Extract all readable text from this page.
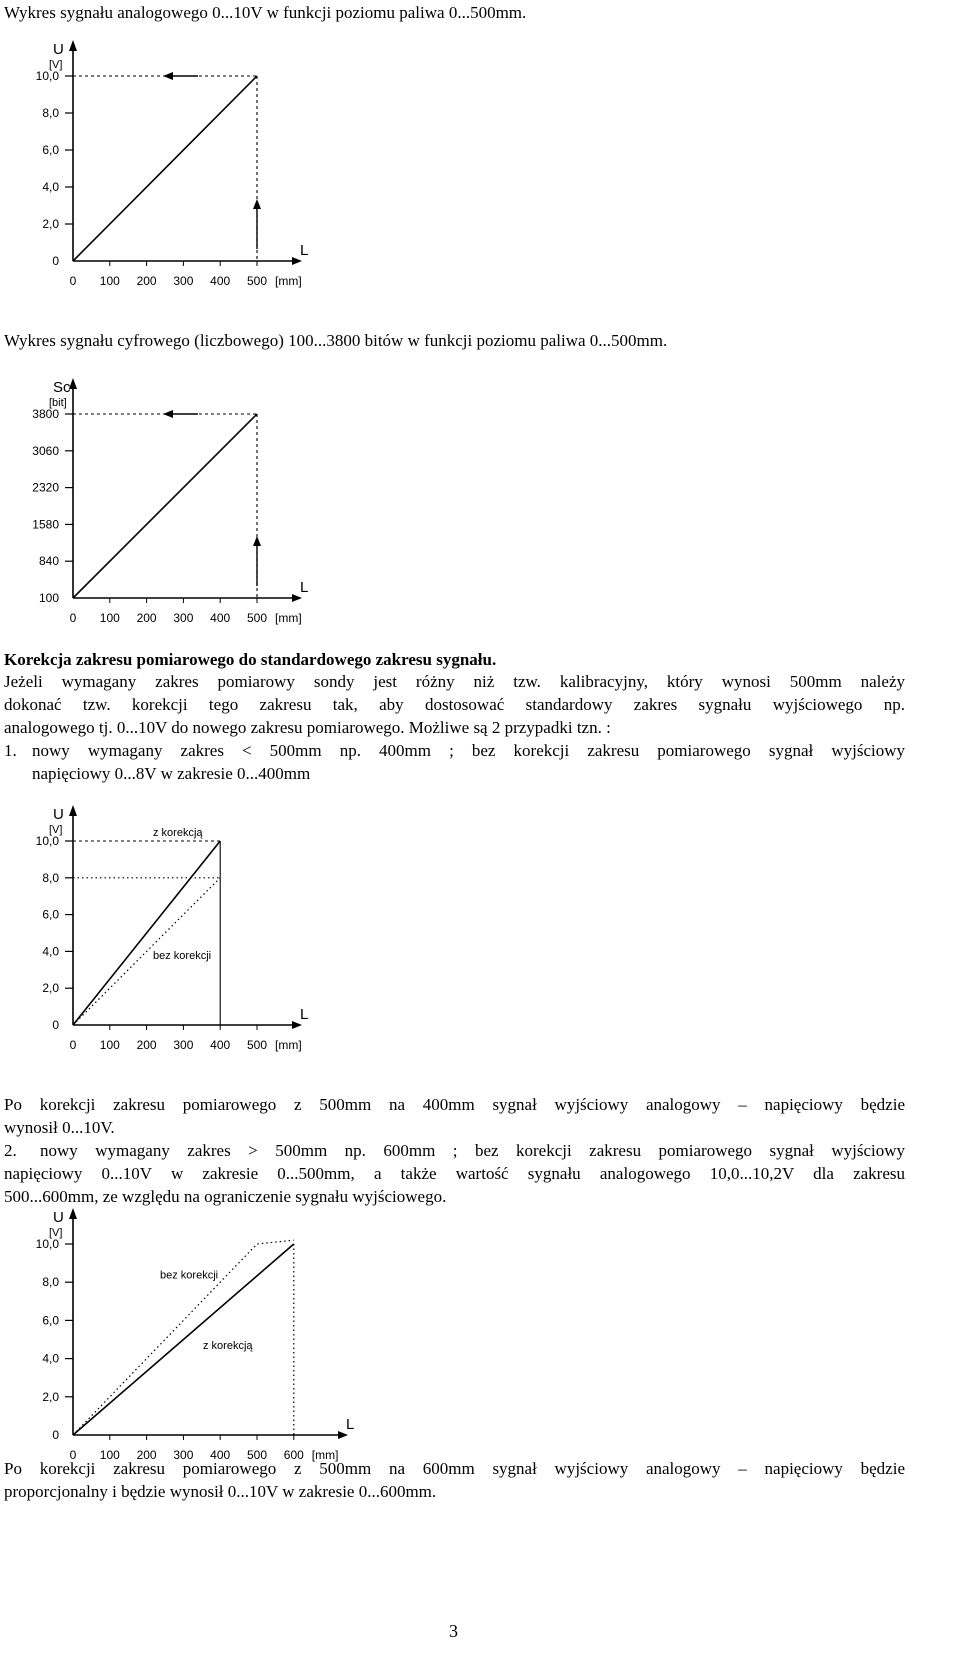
Wykres sygnału analogowego 0...10V w funkcji poziomu paliwa 0...500mm.
U
[V]
L
0
2,0
4,0
6,0
8,0
10,0
0 100 200 300 400 500 [mm]
Wykres sygnału cyfrowego (liczbowego) 100...3800 bitów w funkcji poziomu paliwa 0...500mm.
Sc
[bit]
L
100
840
1580
2320
3060
3800
0 100 200 300 400 500 [mm]
Korekcja zakresu pomiarowego do standardowego zakresu sygnału.
Jeżeli wymagany zakres pomiarowy sondy jest różny niż tzw. kalibracyjny, który wynosi 500mm należy
dokonać tzw. korekcji tego zakresu tak, aby dostosować standardowy zakres sygnału wyjściowego np.
analogowego tj. 0...10V do nowego zakresu pomiarowego. Możliwe są 2 przypadki tzn. :
1. nowy wymagany zakres < 500mm np. 400mm ; bez korekcji zakresu pomiarowego sygnał wyjściowy
napięciowy 0...8V w zakresie 0...400mm
U
[V]
L
0
2,0
4,0
6,0
8,0
10,0
0 100 200 300 400 500 [mm]
z korekcją
bez korekcji
Po korekcji zakresu pomiarowego z 500mm na 400mm sygnał wyjściowy analogowy – napięciowy będzie
wynosił 0...10V.
2. nowy wymagany zakres > 500mm np. 600mm ; bez korekcji zakresu pomiarowego sygnał wyjściowy
napięciowy 0...10V w zakresie 0...500mm, a także wartość sygnału analogowego 10,0...10,2V dla zakresu
500...600mm, ze względu na ograniczenie sygnału wyjściowego.
U
[V]
L
0
2,0
4,0
6,0
8,0
10,0
0 100 200 300 400 500 600 [mm]
bez korekcji
z korekcją
Po korekcji zakresu pomiarowego z 500mm na 600mm sygnał wyjściowy analogowy – napięciowy będzie
proporcjonalny i będzie wynosił 0...10V w zakresie 0...600mm.
3
